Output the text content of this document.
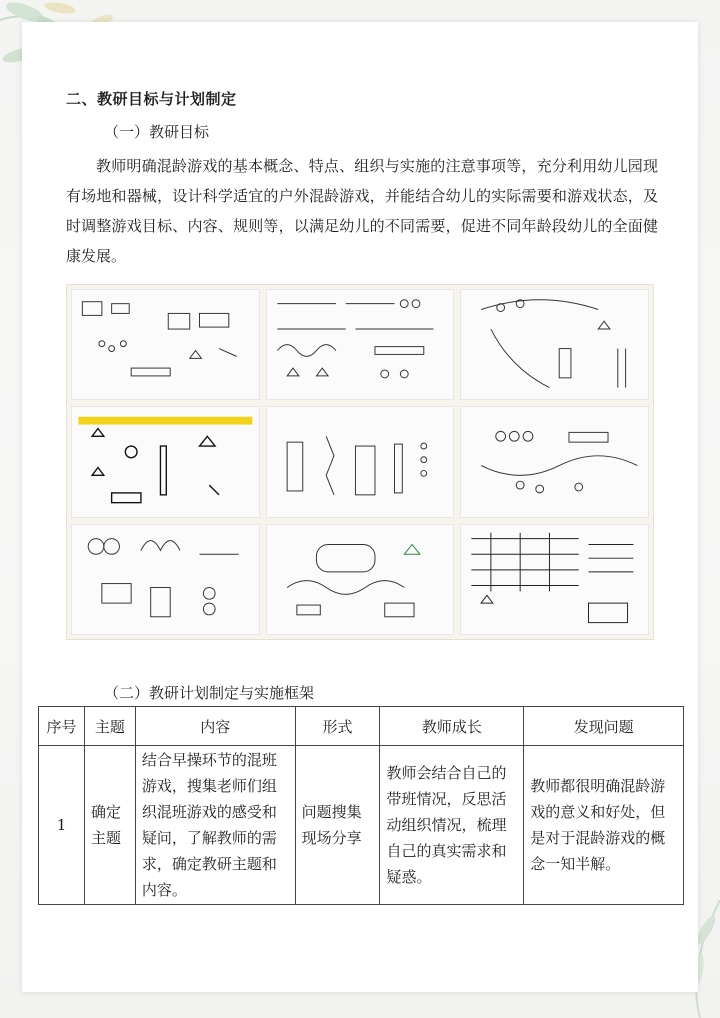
二、教研目标与计划制定
（一）教研目标
教师明确混龄游戏的基本概念、特点、组织与实施的注意事项等，充分利用幼儿园现有场地和器械，设计科学适宜的户外混龄游戏，并能结合幼儿的实际需要和游戏状态，及时调整游戏目标、内容、规则等，以满足幼儿的不同需要，促进不同年龄段幼儿的全面健康发展。
（二）教研计划制定与实施框架
序号	主题	内容	形式	教师成长	发现问题
1	确定主题	结合早操环节的混班游戏，搜集老师们组织混班游戏的感受和疑问，了解教师的需求，确定教研主题和内容。	问题搜集现场分享	教师会结合自己的带班情况，反思活动组织情况，梳理自己的真实需求和疑惑。	教师都很明确混龄游戏的意义和好处，但是对于混龄游戏的概念一知半解。
